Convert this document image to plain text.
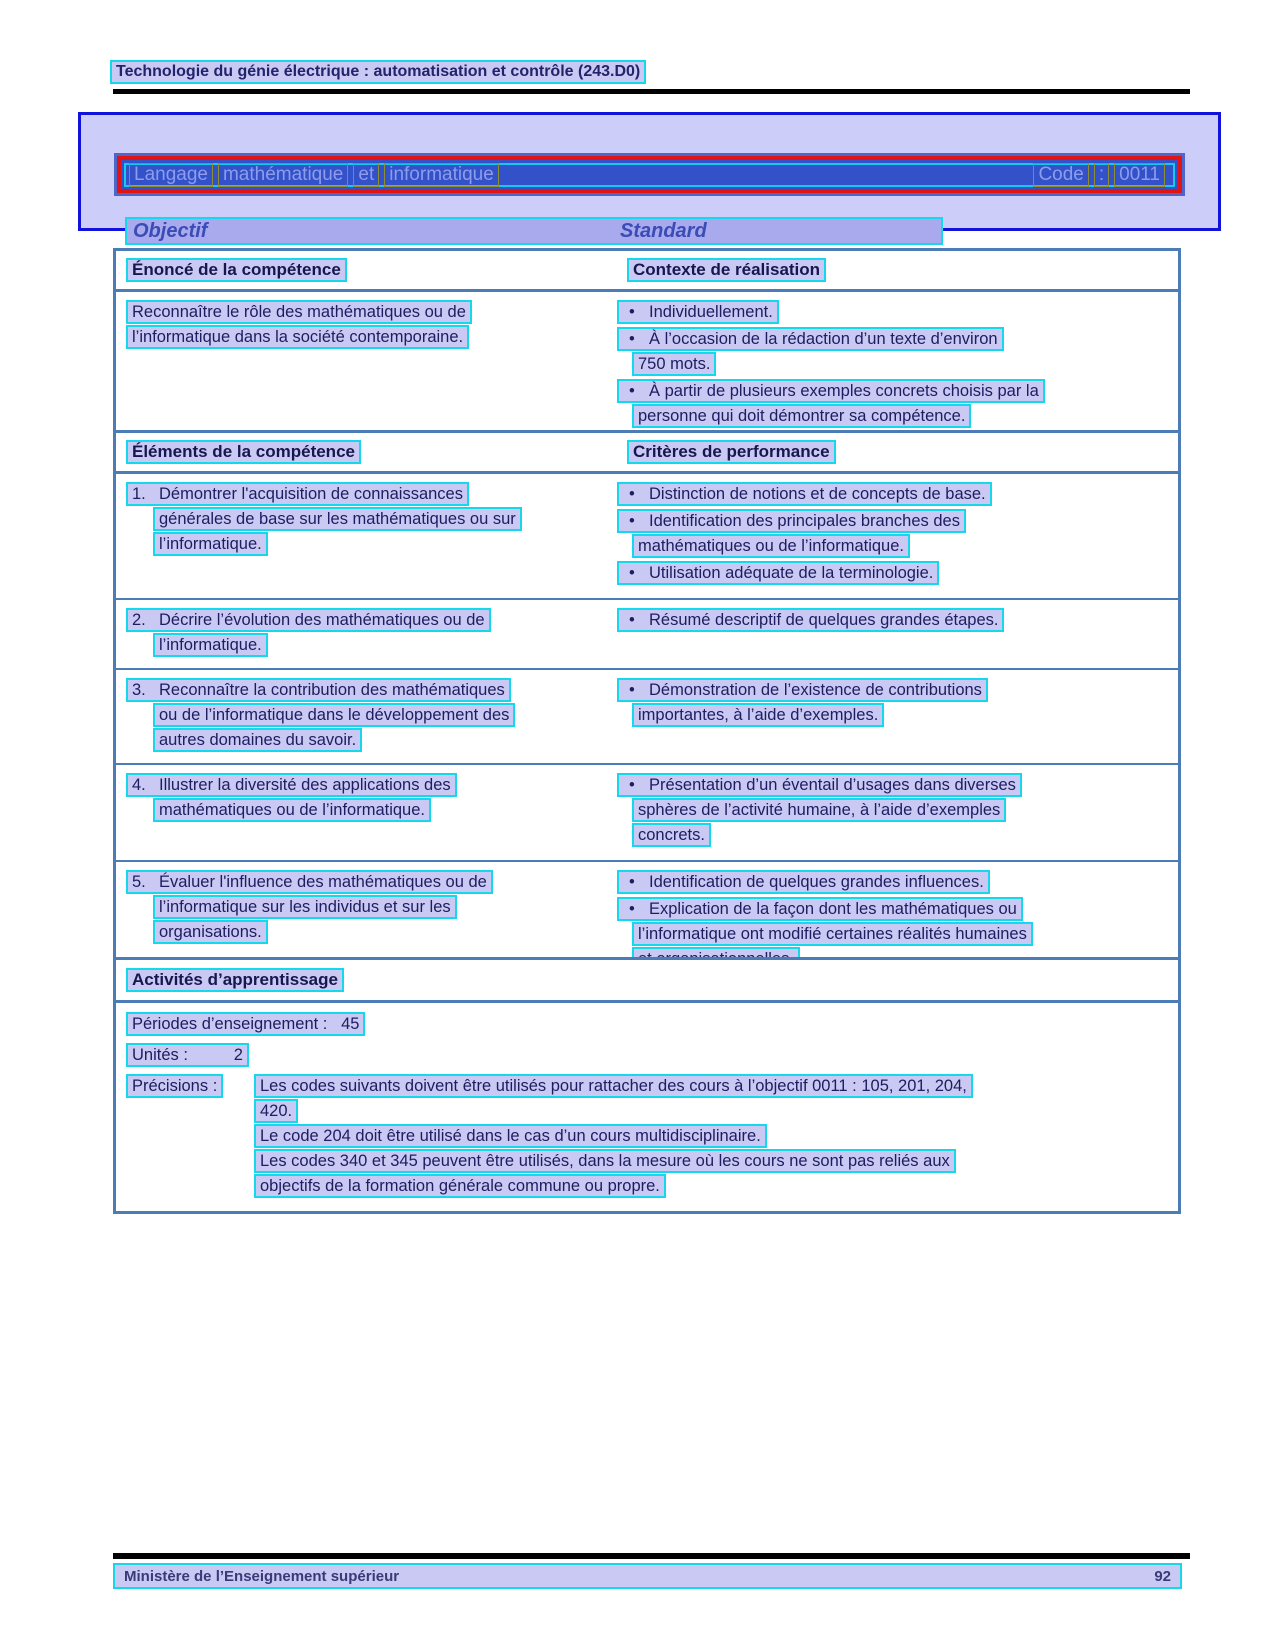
Technologie du génie électrique : automatisation et contrôle (243.D0)
Langage mathématique et informatique	Code : 0011
Objectif	Standard
Énoncé de la compétence	Contexte de réalisation
Reconnaître le rôle des mathématiques ou de
l’informatique dans la société contemporaine.
• Individuellement.
• À l’occasion de la rédaction d’un texte d’environ
750 mots.
• À partir de plusieurs exemples concrets choisis par la
personne qui doit démontrer sa compétence.
Éléments de la compétence	Critères de performance
1. Démontrer l'acquisition de connaissances
générales de base sur les mathématiques ou sur
l’informatique.
• Distinction de notions et de concepts de base.
• Identification des principales branches des
mathématiques ou de l’informatique.
• Utilisation adéquate de la terminologie.
2. Décrire l’évolution des mathématiques ou de
l’informatique.
• Résumé descriptif de quelques grandes étapes.
3. Reconnaître la contribution des mathématiques
ou de l’informatique dans le développement des
autres domaines du savoir.
• Démonstration de l’existence de contributions
importantes, à l’aide d’exemples.
4. Illustrer la diversité des applications des
mathématiques ou de l’informatique.
• Présentation d’un éventail d’usages dans diverses
sphères de l’activité humaine, à l’aide d’exemples
concrets.
5. Évaluer l'influence des mathématiques ou de
l’informatique sur les individus et sur les
organisations.
• Identification de quelques grandes influences.
• Explication de la façon dont les mathématiques ou
l’informatique ont modifié certaines réalités humaines
Activités d’apprentissage
Périodes d’enseignement :   45
Unités :          2
Précisions :	Les codes suivants doivent être utilisés pour rattacher des cours à l’objectif 0011 : 105, 201, 204,
420.
Le code 204 doit être utilisé dans le cas d’un cours multidisciplinaire.
Les codes 340 et 345 peuvent être utilisés, dans la mesure où les cours ne sont pas reliés aux
objectifs de la formation générale commune ou propre.
Ministère de l’Enseignement supérieur	92
